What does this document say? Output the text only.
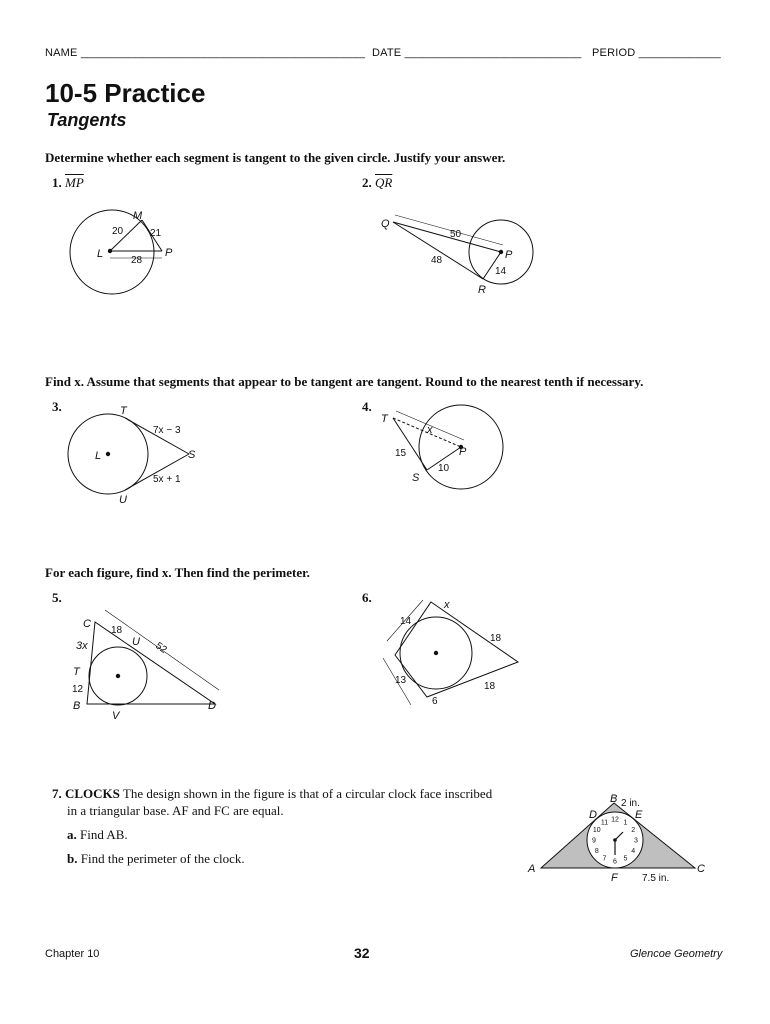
NAME _____________________________________________ DATE ____________________________ PERIOD _____________
10-5 Practice
Tangents
Determine whether each segment is tangent to the given circle. Justify your answer.
1. $\overline{MP}$	2. $\overline{QR}$
M
L	P
20	21
28
Q
P
R
50
48
14
Find x. Assume that segments that appear to be tangent are tangent. Round to the nearest tenth if necessary.
3.	4.
T
L	S
U
7x − 3
5x + 1
T
P
S
x
15
10
For each figure, find x. Then find the perimeter.
5.	6.
C
U
T
B
V
D
18
52
3x
12
x
14
18
13
18
6
7. CLOCKS The design shown in the figure is that of a circular clock face inscribed
in a triangular base. AF and FC are equal.
a. Find AB.
b. Find the perimeter of the clock.
12 1
2
3
4
5
6
7
8
9
10
11
A
B
C
D	E
F
2 in.
7.5 in.
Chapter 10	32	Glencoe Geometry
